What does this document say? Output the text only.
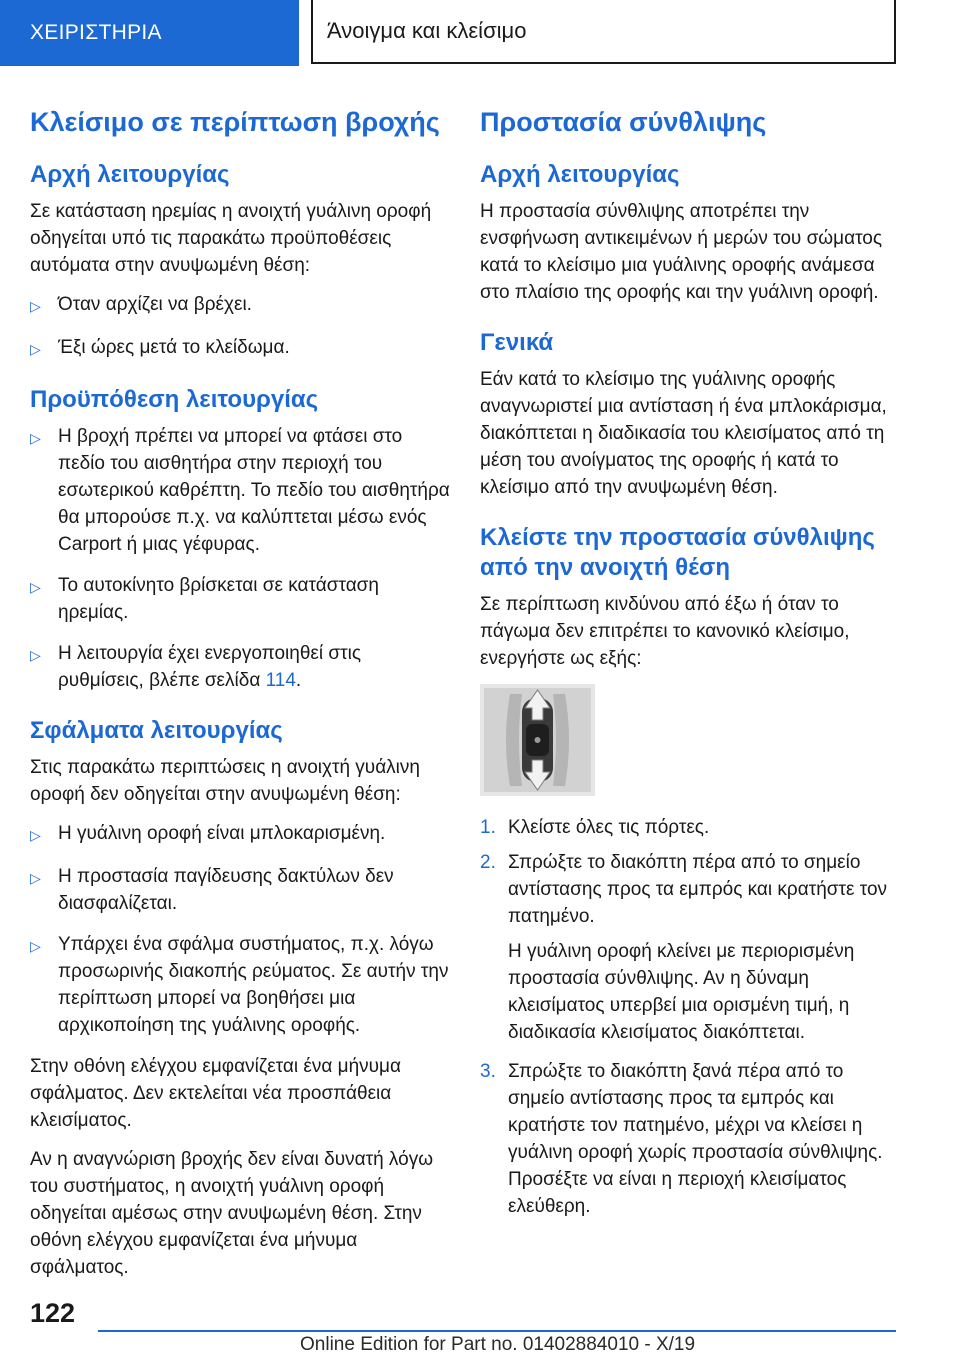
ΧΕΙΡΙΣΤΗΡΙΑ	Άνοιγμα και κλείσιμο
Κλείσιμο σε περίπτωση βροχής
Αρχή λειτουργίας
Σε κατάσταση ηρεμίας η ανοιχτή γυάλινη οροφή οδηγείται υπό τις παρακάτω προϋποθέσεις αυτόματα στην ανυψωμένη θέση:
▷ Όταν αρχίζει να βρέχει.
▷ Έξι ώρες μετά το κλείδωμα.
Προϋπόθεση λειτουργίας
▷ Η βροχή πρέπει να μπορεί να φτάσει στο πεδίο του αισθητήρα στην περιοχή του εσωτερικού καθρέπτη. Το πεδίο του αισθητήρα θα μπορούσε π.χ. να καλύπτεται μέσω ενός Carport ή μιας γέφυρας.
▷ Το αυτοκίνητο βρίσκεται σε κατάσταση ηρεμίας.
▷ Η λειτουργία έχει ενεργοποιηθεί στις ρυθμίσεις, βλέπε σελίδα 114.
Σφάλματα λειτουργίας
Στις παρακάτω περιπτώσεις η ανοιχτή γυάλινη οροφή δεν οδηγείται στην ανυψωμένη θέση:
▷ Η γυάλινη οροφή είναι μπλοκαρισμένη.
▷ Η προστασία παγίδευσης δακτύλων δεν διασφαλίζεται.
▷ Υπάρχει ένα σφάλμα συστήματος, π.χ. λόγω προσωρινής διακοπής ρεύματος. Σε αυτήν την περίπτωση μπορεί να βοηθήσει μια αρχικοποίηση της γυάλινης οροφής.
Στην οθόνη ελέγχου εμφανίζεται ένα μήνυμα σφάλματος. Δεν εκτελείται νέα προσπάθεια κλεισίματος.
Αν η αναγνώριση βροχής δεν είναι δυνατή λόγω του συστήματος, η ανοιχτή γυάλινη οροφή οδηγείται αμέσως στην ανυψωμένη θέση. Στην οθόνη ελέγχου εμφανίζεται ένα μήνυμα σφάλματος.
Προστασία σύνθλιψης
Αρχή λειτουργίας
Η προστασία σύνθλιψης αποτρέπει την ενσφήνωση αντικειμένων ή μερών του σώματος κατά το κλείσιμο μια γυάλινης οροφής ανάμεσα στο πλαίσιο της οροφής και την γυάλινη οροφή.
Γενικά
Εάν κατά το κλείσιμο της γυάλινης οροφής αναγνωριστεί μια αντίσταση ή ένα μπλοκάρισμα, διακόπτεται η διαδικασία του κλεισίματος από τη μέση του ανοίγματος της οροφής ή κατά το κλείσιμο από την ανυψωμένη θέση.
Κλείστε την προστασία σύνθλιψης από την ανοιχτή θέση
Σε περίπτωση κινδύνου από έξω ή όταν το πάγωμα δεν επιτρέπει το κανονικό κλείσιμο, ενεργήστε ως εξής:
1. Κλείστε όλες τις πόρτες.
2. Σπρώξτε το διακόπτη πέρα από το σημείο αντίστασης προς τα εμπρός και κρατήστε τον πατημένο.
Η γυάλινη οροφή κλείνει με περιορισμένη προστασία σύνθλιψης. Αν η δύναμη κλεισίματος υπερβεί μια ορισμένη τιμή, η διαδικασία κλεισίματος διακόπτεται.
3. Σπρώξτε το διακόπτη ξανά πέρα από το σημείο αντίστασης προς τα εμπρός και κρατήστε τον πατημένο, μέχρι να κλείσει η γυάλινη οροφή χωρίς προστασία σύνθλιψης. Προσέξτε να είναι η περιοχή κλεισίματος ελεύθερη.
122
Online Edition for Part no. 01402884010 - X/19
